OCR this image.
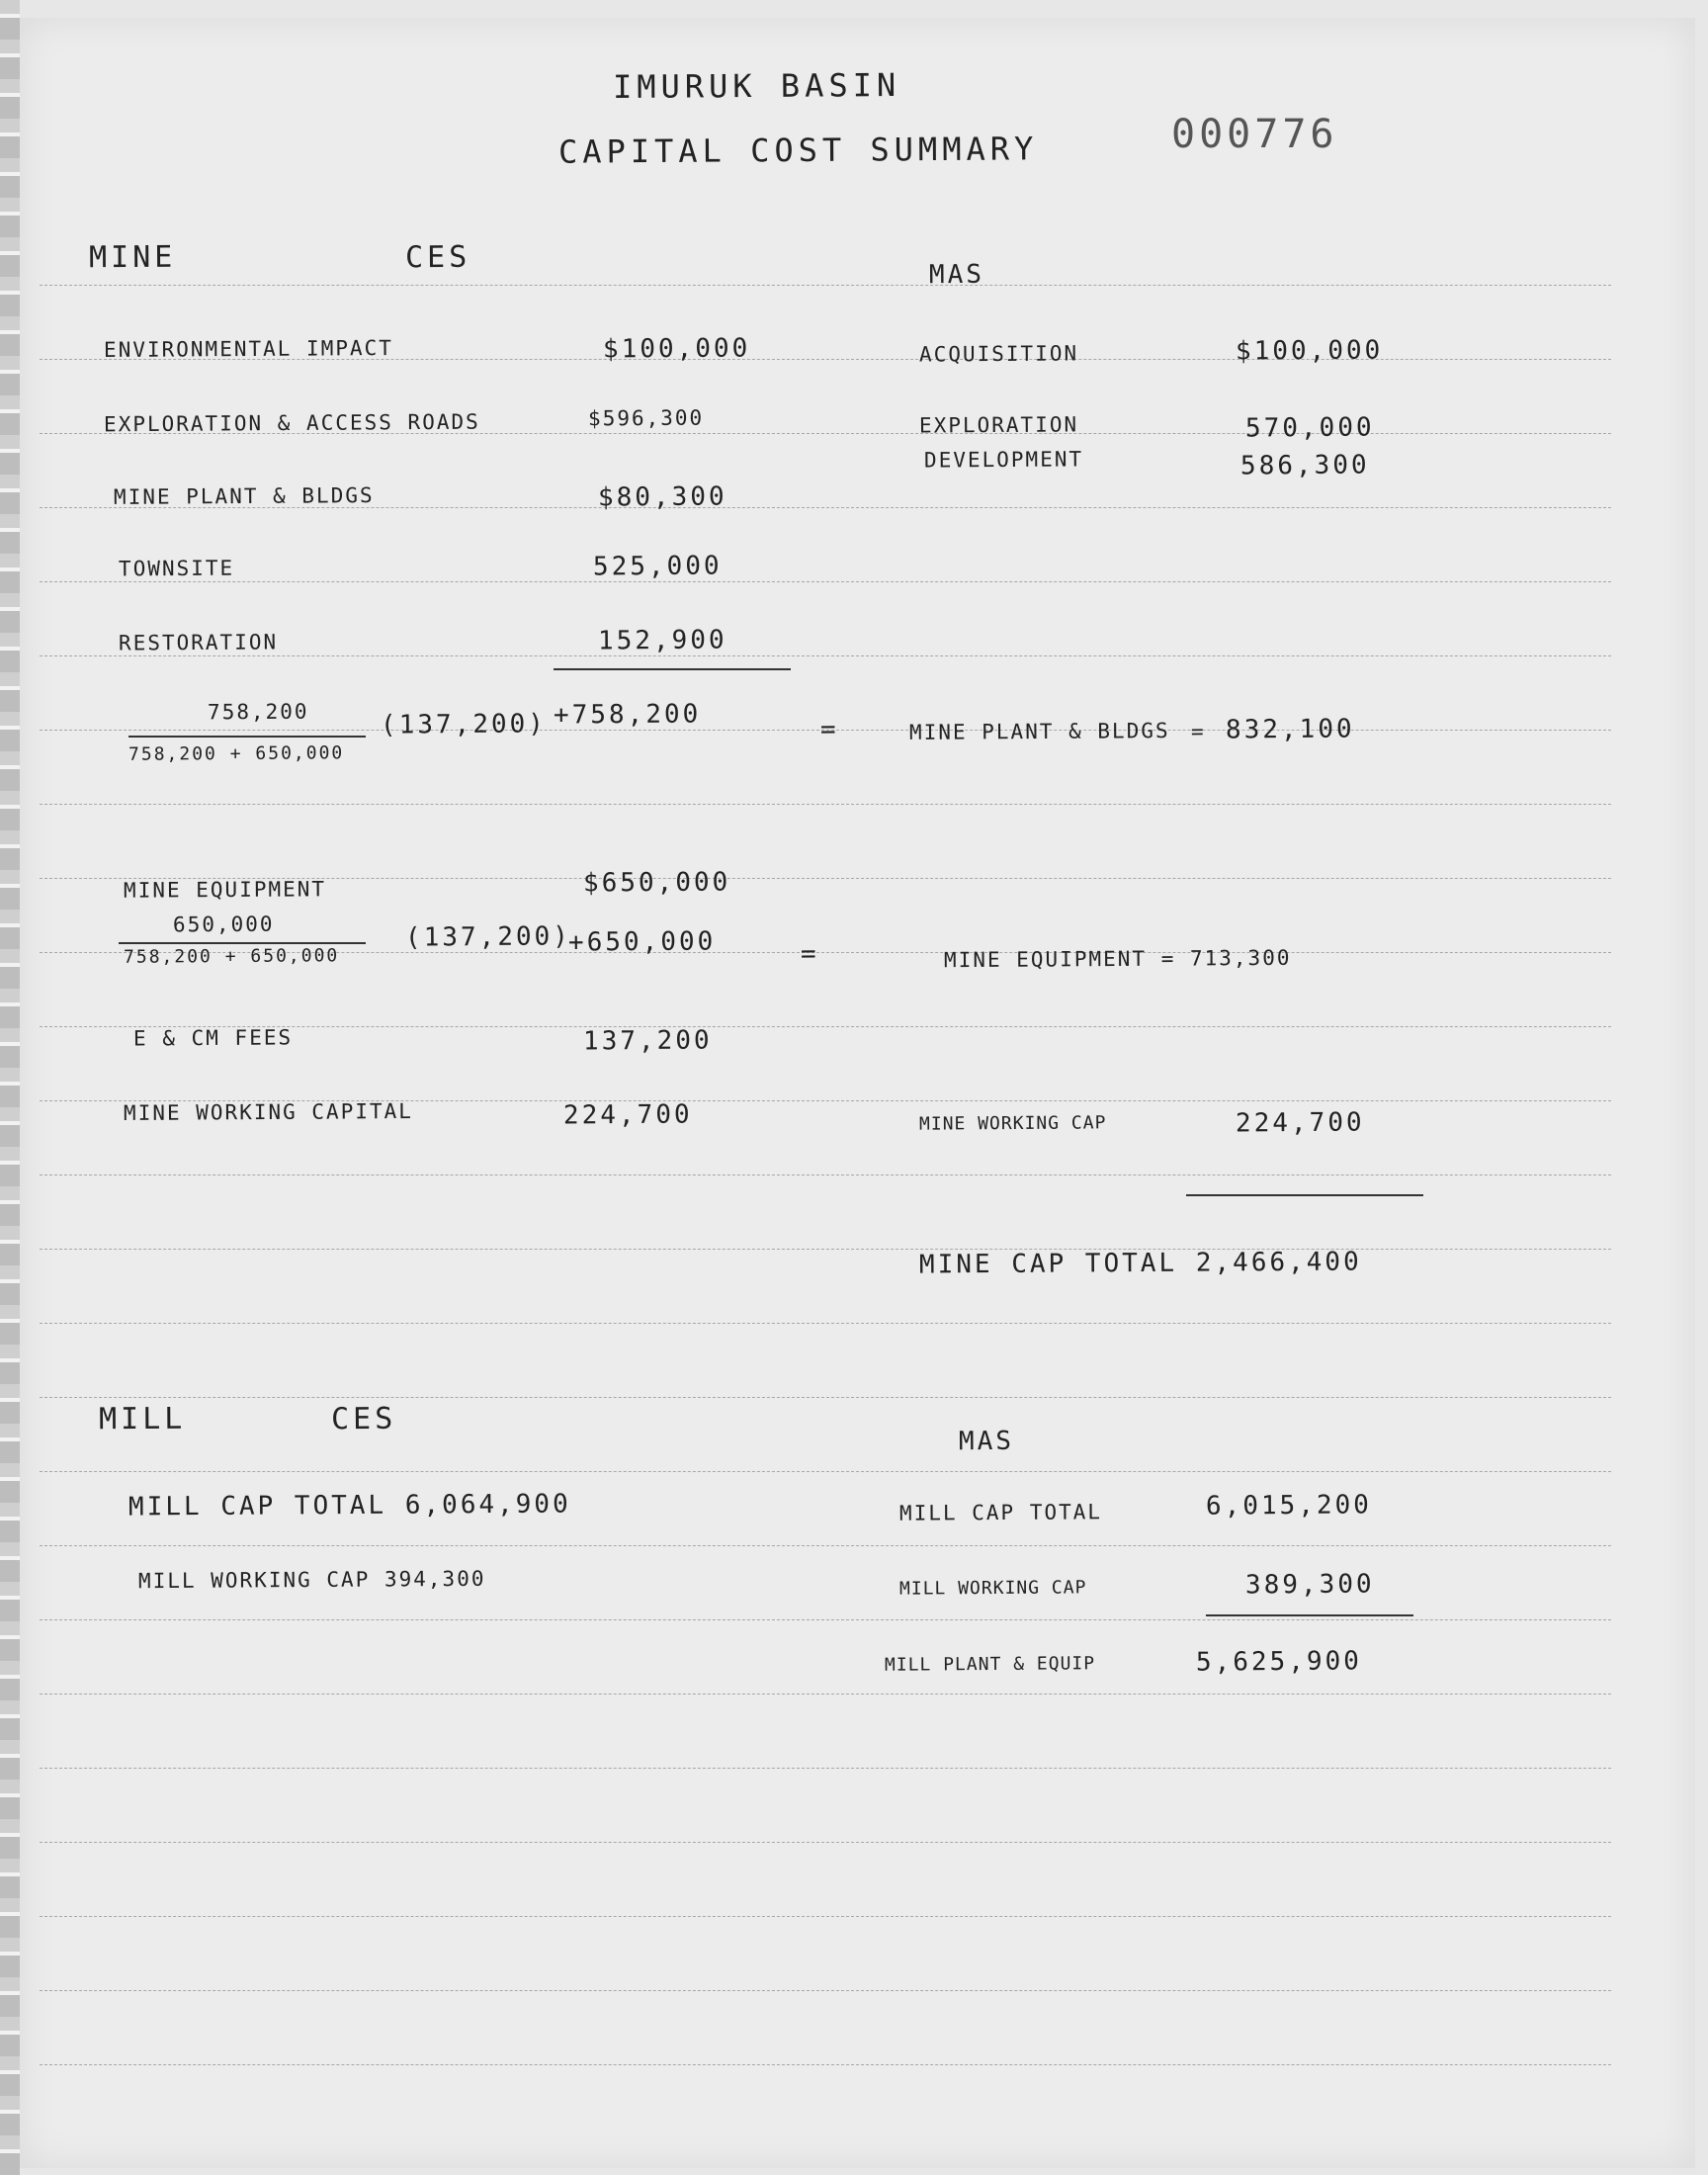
IMURUK BASIN
CAPITAL COST SUMMARY	000776
MINE	CES	MAS
ENVIRONMENTAL IMPACT	$100,000
EXPLORATION & ACCESS ROADS	$596,300
MINE PLANT & BLDGS	$80,300
TOWNSITE	525,000
RESTORATION	152,900
ACQUISITION	$100,000
EXPLORATION	570,000
DEVELOPMENT	586,300
758,200
758,200 + 650,000
(137,200) +758,200	=	MINE PLANT & BLDGS = 832,100
MINE EQUIPMENT	$650,000
650,000
758,200 + 650,000
(137,200)
+650,000	=	MINE EQUIPMENT = 713,300
E & CM FEES	137,200
MINE WORKING CAPITAL	224,700	MINE WORKING CAP	224,700
MINE CAP TOTAL 2,466,400
MILL	CES
MAS
MILL CAP TOTAL 6,064,900
MILL WORKING CAP 394,300
MILL CAP TOTAL	6,015,200
MILL WORKING CAP	389,300
MILL PLANT & EQUIP	5,625,900
